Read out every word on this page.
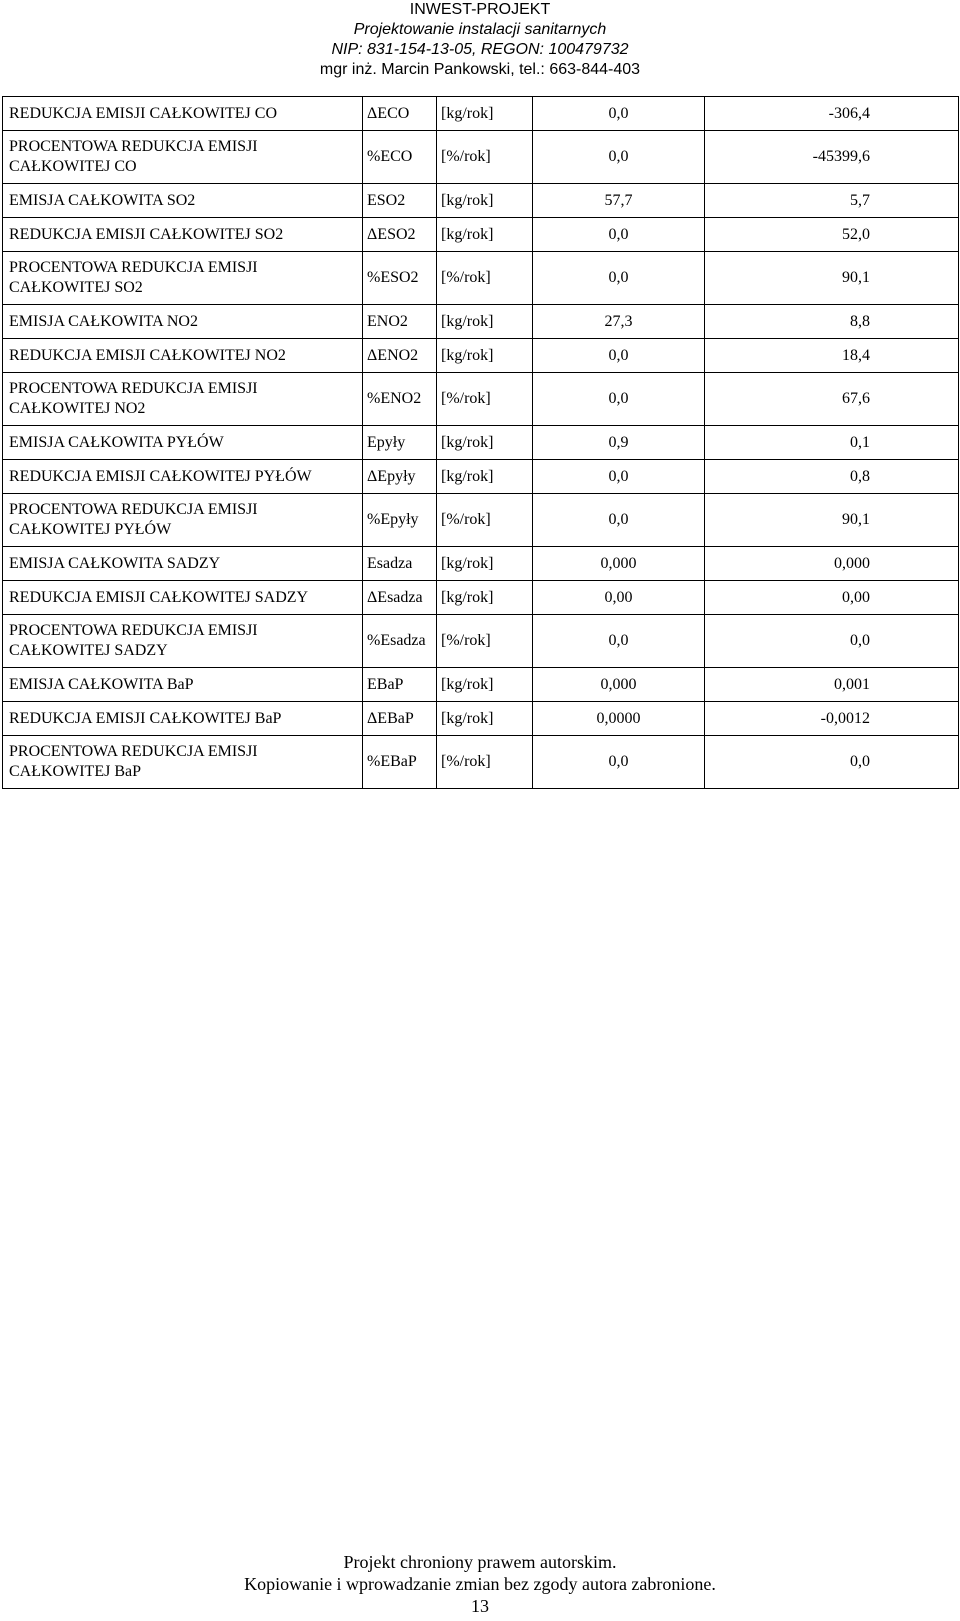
INWEST-PROJEKT
Projektowanie instalacji sanitarnych
NIP: 831-154-13-05, REGON: 100479732
mgr inż. Marcin Pankowski, tel.: 663-844-403
REDUKCJA EMISJI CAŁKOWITEJ CO	ΔECO	[kg/rok]	0,0	-306,4
PROCENTOWA REDUKCJA EMISJI CAŁKOWITEJ CO	%ECO	[%/rok]	0,0	-45399,6
EMISJA CAŁKOWITA SO2	ESO2	[kg/rok]	57,7	5,7
REDUKCJA EMISJI CAŁKOWITEJ SO2	ΔESO2	[kg/rok]	0,0	52,0
PROCENTOWA REDUKCJA EMISJI CAŁKOWITEJ SO2	%ESO2	[%/rok]	0,0	90,1
EMISJA CAŁKOWITA NO2	ENO2	[kg/rok]	27,3	8,8
REDUKCJA EMISJI CAŁKOWITEJ NO2	ΔENO2	[kg/rok]	0,0	18,4
PROCENTOWA REDUKCJA EMISJI CAŁKOWITEJ NO2	%ENO2	[%/rok]	0,0	67,6
EMISJA CAŁKOWITA PYŁÓW	Epyły	[kg/rok]	0,9	0,1
REDUKCJA EMISJI CAŁKOWITEJ PYŁÓW	ΔEpyły	[kg/rok]	0,0	0,8
PROCENTOWA REDUKCJA EMISJI CAŁKOWITEJ PYŁÓW	%Epyły	[%/rok]	0,0	90,1
EMISJA CAŁKOWITA SADZY	Esadza	[kg/rok]	0,000	0,000
REDUKCJA EMISJI CAŁKOWITEJ SADZY	ΔEsadza	[kg/rok]	0,00	0,00
PROCENTOWA REDUKCJA EMISJI CAŁKOWITEJ SADZY	%Esadza	[%/rok]	0,0	0,0
EMISJA CAŁKOWITA BaP	EBaP	[kg/rok]	0,000	0,001
REDUKCJA EMISJI CAŁKOWITEJ BaP	ΔEBaP	[kg/rok]	0,0000	-0,0012
PROCENTOWA REDUKCJA EMISJI CAŁKOWITEJ BaP	%EBaP	[%/rok]	0,0	0,0
Projekt chroniony prawem autorskim.
Kopiowanie i wprowadzanie zmian bez zgody autora zabronione.
13
